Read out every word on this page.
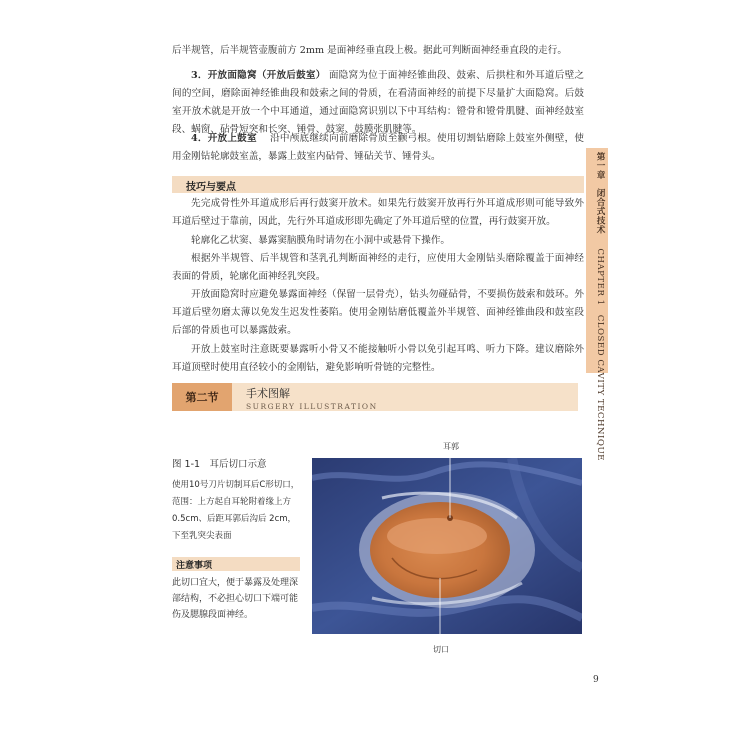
后半规管，后半规管壶腹前方 2mm 是面神经垂直段上极。据此可判断面神经垂直段的走行。
3．开放面隐窝（开放后鼓室） 面隐窝为位于面神经锥曲段、鼓索、后拱柱和外耳道后壁之间的空间，磨除面神经锥曲段和鼓索之间的骨质，在看清面神经的前提下尽量扩大面隐窝。后鼓室开放术就是开放一个中耳通道，通过面隐窝识别以下中耳结构：镫骨和镫骨肌腱、面神经鼓室段、蜗窗、砧骨短突和长突、锤骨、鼓窦、鼓膜张肌腱等。
4．开放上鼓室 沿中颅底继续向前磨除骨质至颧弓根。使用切割钻磨除上鼓室外侧壁，使用金刚钻轮廓鼓室盖，暴露上鼓室内砧骨、锤砧关节、锤骨头。
技巧与要点
先完成骨性外耳道成形后再行鼓窦开放术。如果先行鼓窦开放再行外耳道成形则可能导致外耳道后壁过于靠前，因此，先行外耳道成形即先确定了外耳道后壁的位置，再行鼓窦开放。
轮廓化乙状窦、暴露窦脑膜角时请勿在小洞中或悬骨下操作。
根据外半规管、后半规管和茎乳孔判断面神经的走行，应使用大金刚钻头磨除覆盖于面神经表面的骨质，轮廓化面神经乳突段。
开放面隐窝时应避免暴露面神经（保留一层骨壳），钻头勿碰砧骨，不要损伤鼓索和鼓环。外耳道后壁勿磨太薄以免发生迟发性萎陷。使用金刚钻磨低覆盖外半规管、面神经锥曲段和鼓室段后部的骨质也可以暴露鼓索。
开放上鼓室时注意既要暴露听小骨又不能接触听小骨以免引起耳鸣、听力下降。建议磨除外耳道顶壁时使用直径较小的金刚钻，避免影响听骨链的完整性。
第一章　闭合式技术  CHAPTER 1　CLOSED CAVITY TECHNIQUE
第二节	手术图解
SURGERY ILLUSTRATION
图 1-1　耳后切口示意
使用10号刀片切制耳后C形切口，
范围：上方起自耳轮附着缘上方
0.5cm、后距耳郭后沟后 2cm，
下至乳突尖表面
注意事项
此切口宜大，便于暴露及处理深部结构，不必担心切口下端可能伤及腮腺段面神经。
耳郭
切口
9
